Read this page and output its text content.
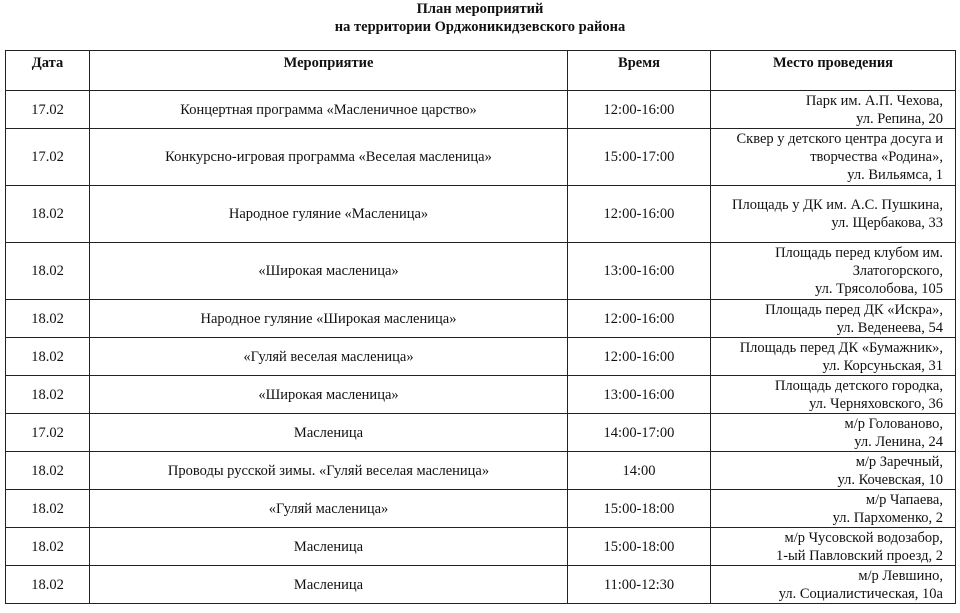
План мероприятий
на территории Орджоникидзевского района
Дата	Мероприятие	Время	Место проведения
17.02	Концертная программа «Масленичное царство»	12:00-16:00	Парк им. А.П. Чехова,
ул. Репина, 20

17.02	Конкурсно-игровая программа «Веселая масленица»	15:00-17:00	Сквер у детского центра досуга и
творчества «Родина»,
ул. Вильямса, 1

18.02	Народное гуляние «Масленица»	12:00-16:00	Площадь у ДК им. А.С. Пушкина,
ул. Щербакова, 33

18.02	«Широкая масленица»	13:00-16:00	Площадь перед клубом им.
Златогорского,
ул. Трясолобова, 105

18.02	Народное гуляние «Широкая масленица»	12:00-16:00	Площадь перед ДК «Искра»,
ул. Веденеева, 54

18.02	«Гуляй веселая масленица»	12:00-16:00	Площадь перед ДК «Бумажник»,
ул. Корсуньская, 31

18.02	«Широкая масленица»	13:00-16:00	Площадь детского городка,
ул. Черняховского, 36

17.02	Масленица	14:00-17:00	м/р Голованово,
ул. Ленина, 24

18.02	Проводы русской зимы. «Гуляй веселая масленица»	14:00	м/р Заречный,
ул. Кочевская, 10

18.02	«Гуляй масленица»	15:00-18:00	м/р Чапаева,
ул. Пархоменко, 2

18.02	Масленица	15:00-18:00	м/р Чусовской водозабор,
1-ый Павловский проезд, 2

18.02	Масленица	11:00-12:30	м/р Левшино,
ул. Социалистическая, 10а
